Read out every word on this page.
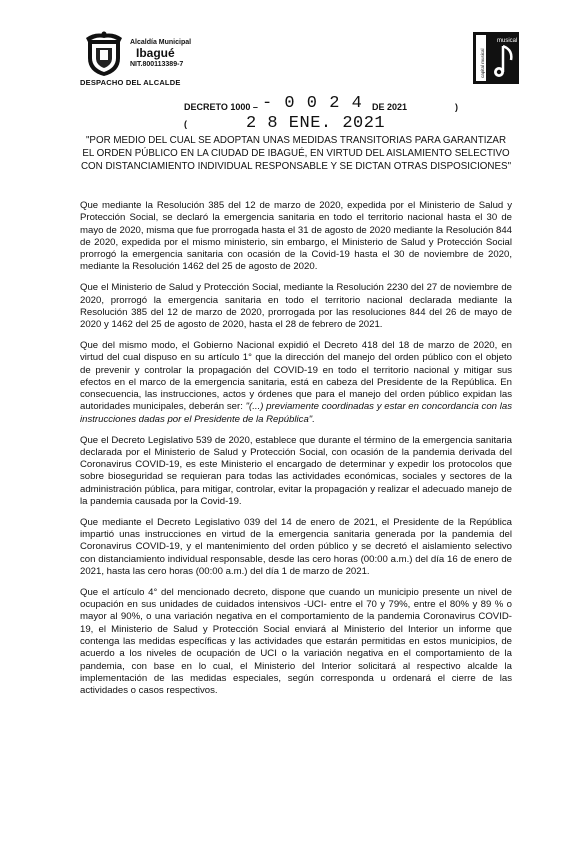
Alcaldía Municipal
Ibagué
NIT.800113389-7
DESPACHO DEL ALCALDE
musical
capital musical
DECRETO 1000 – - 0 0 2 4 DE 2021	)
(	2 8 ENE. 2021
"POR MEDIO DEL CUAL SE ADOPTAN UNAS MEDIDAS TRANSITORIAS PARA GARANTIZAR EL ORDEN PÚBLICO EN LA CIUDAD DE IBAGUÉ, EN VIRTUD DEL AISLAMIENTO SELECTIVO CON DISTANCIAMIENTO INDIVIDUAL RESPONSABLE Y SE DICTAN OTRAS DISPOSICIONES"

Que mediante la Resolución 385 del 12 de marzo de 2020, expedida por el Ministerio de Salud y Protección Social, se declaró la emergencia sanitaria en todo el territorio nacional hasta el 30 de mayo de 2020, misma que fue prorrogada hasta el 31 de agosto de 2020 mediante la Resolución 844 de 2020, expedida por el mismo ministerio, sin embargo, el Ministerio de Salud y Protección Social prorrogó la emergencia sanitaria con ocasión de la Covid-19 hasta el 30 de noviembre de 2020, mediante la Resolución 1462 del 25 de agosto de 2020.

Que el Ministerio de Salud y Protección Social, mediante la Resolución 2230 del 27 de noviembre de 2020, prorrogó la emergencia sanitaria en todo el territorio nacional declarada mediante la Resolución 385 del 12 de marzo de 2020, prorrogada por las resoluciones 844 del 26 de mayo de 2020 y 1462 del 25 de agosto de 2020, hasta el 28 de febrero de 2021.

Que del mismo modo, el Gobierno Nacional expidió el Decreto 418 del 18 de marzo de 2020, en virtud del cual dispuso en su artículo 1° que la dirección del manejo del orden público con el objeto de prevenir y controlar la propagación del COVID-19 en todo el territorio nacional y mitigar sus efectos en el marco de la emergencia sanitaria, está en cabeza del Presidente de la República. En consecuencia, las instrucciones, actos y órdenes que para el manejo del orden público expidan las autoridades municipales, deberán ser: "(...) previamente coordinadas y estar en concordancia con las instrucciones dadas por el Presidente de la República".

Que el Decreto Legislativo 539 de 2020, establece que durante el término de la emergencia sanitaria declarada por el Ministerio de Salud y Protección Social, con ocasión de la pandemia derivada del Coronavirus COVID-19, es este Ministerio el encargado de determinar y expedir los protocolos que sobre bioseguridad se requieran para todas las actividades económicas, sociales y sectores de la administración pública, para mitigar, controlar, evitar la propagación y realizar el adecuado manejo de la pandemia causada por la Covid-19.

Que mediante el Decreto Legislativo 039 del 14 de enero de 2021, el Presidente de la República impartió unas instrucciones en virtud de la emergencia sanitaria generada por la pandemia del Coronavirus COVID-19, y el mantenimiento del orden público y se decretó el aislamiento selectivo con distanciamiento individual responsable, desde las cero horas (00:00 a.m.) del día 16 de enero de 2021, hasta las cero horas (00:00 a.m.) del día 1 de marzo de 2021.

Que el artículo 4° del mencionado decreto, dispone que cuando un municipio presente un nivel de ocupación en sus unidades de cuidados intensivos -UCI- entre el 70 y 79%, entre el 80% y 89 % o mayor al 90%, o una variación negativa en el comportamiento de la pandemia Coronavirus COVID-19, el Ministerio de Salud y Protección Social enviará al Ministerio del Interior un informe que contenga las medidas específicas y las actividades que estarán permitidas en estos municipios, de acuerdo a los niveles de ocupación de UCI o la variación negativa en el comportamiento de la pandemia, con base en lo cual, el Ministerio del Interior solicitará al respectivo alcalde la implementación de las medidas especiales, según corresponda u ordenará el cierre de las actividades o casos respectivos.
